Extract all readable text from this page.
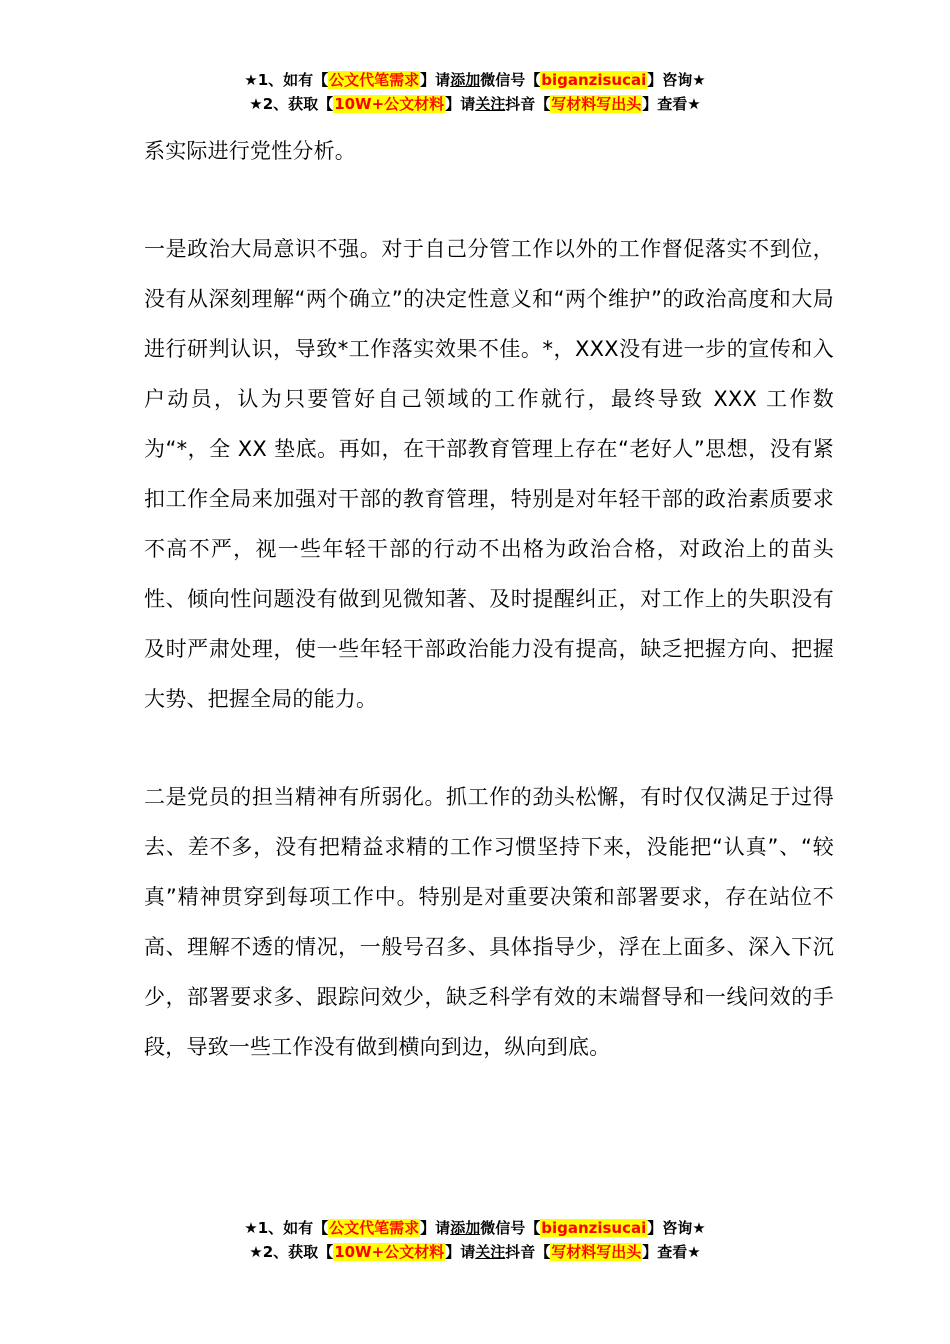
★1、如有【公文代笔需求】请添加微信号【biganzisucai】咨询★
★2、获取【10W+公文材料】请关注抖音【写材料写出头】查看★

系实际进行党性分析。

一是政治大局意识不强。对于自己分管工作以外的工作督促落实不到位，没有从深刻理解“两个确立”的决定性意义和“两个维护”的政治高度和大局进行研判认识，导致*工作落实效果不佳。*，XXX没有进一步的宣传和入户动员，认为只要管好自己领域的工作就行，最终导致 XXX 工作数为“*，全 XX 垫底。再如，在干部教育管理上存在“老好人”思想，没有紧扣工作全局来加强对干部的教育管理，特别是对年轻干部的政治素质要求不高不严，视一些年轻干部的行动不出格为政治合格，对政治上的苗头性、倾向性问题没有做到见微知著、及时提醒纠正，对工作上的失职没有及时严肃处理，使一些年轻干部政治能力没有提高，缺乏把握方向、把握大势、把握全局的能力。

二是党员的担当精神有所弱化。抓工作的劲头松懈，有时仅仅满足于过得去、差不多，没有把精益求精的工作习惯坚持下来，没能把“认真”、“较真”精神贯穿到每项工作中。特别是对重要决策和部署要求，存在站位不高、理解不透的情况，一般号召多、具体指导少，浮在上面多、深入下沉少，部署要求多、跟踪问效少，缺乏科学有效的末端督导和一线问效的手段，导致一些工作没有做到横向到边，纵向到底。

★1、如有【公文代笔需求】请添加微信号【biganzisucai】咨询★
★2、获取【10W+公文材料】请关注抖音【写材料写出头】查看★
